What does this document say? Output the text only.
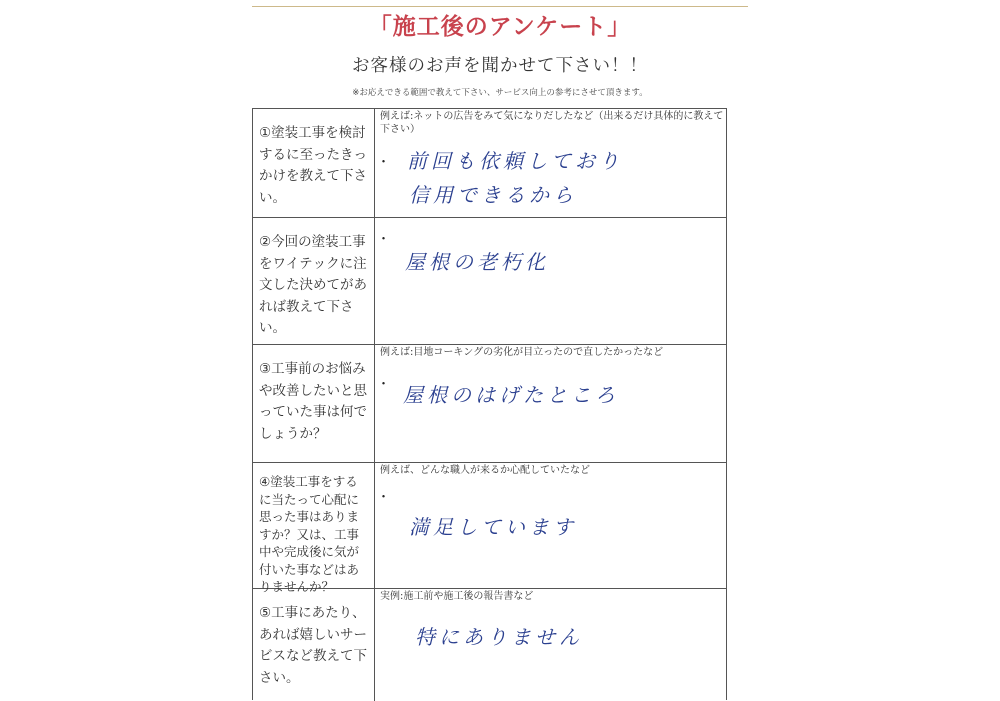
「施工後のアンケート」
お客様のお声を聞かせて下さい！！
※お応えできる範囲で教えて下さい、サービス向上の参考にさせて頂きます。
①塗装工事を検討するに至ったきっかけを教えて下さい。
例えば:ネットの広告をみて気になりだしたなど（出来るだけ具体的に教えて下さい）
・ 前回も依頼しており
信用できるから
②今回の塗装工事をワイテックに注文した決めてがあれば教えて下さい。
・
屋根の老朽化
③工事前のお悩みや改善したいと思っていた事は何でしょうか？
例えば:目地コーキングの劣化が目立ったので直したかったなど
・ 屋根のはげたところ
④塗装工事をするに当たって心配に思った事はありますか？又は、工事中や完成後に気が付いた事などはありませんか？
例えば、どんな職人が来るか心配していたなど
・
満足しています
⑤工事にあたり、あれば嬉しいサービスなど教えて下さい。
実例:施工前や施工後の報告書など
特にありません
